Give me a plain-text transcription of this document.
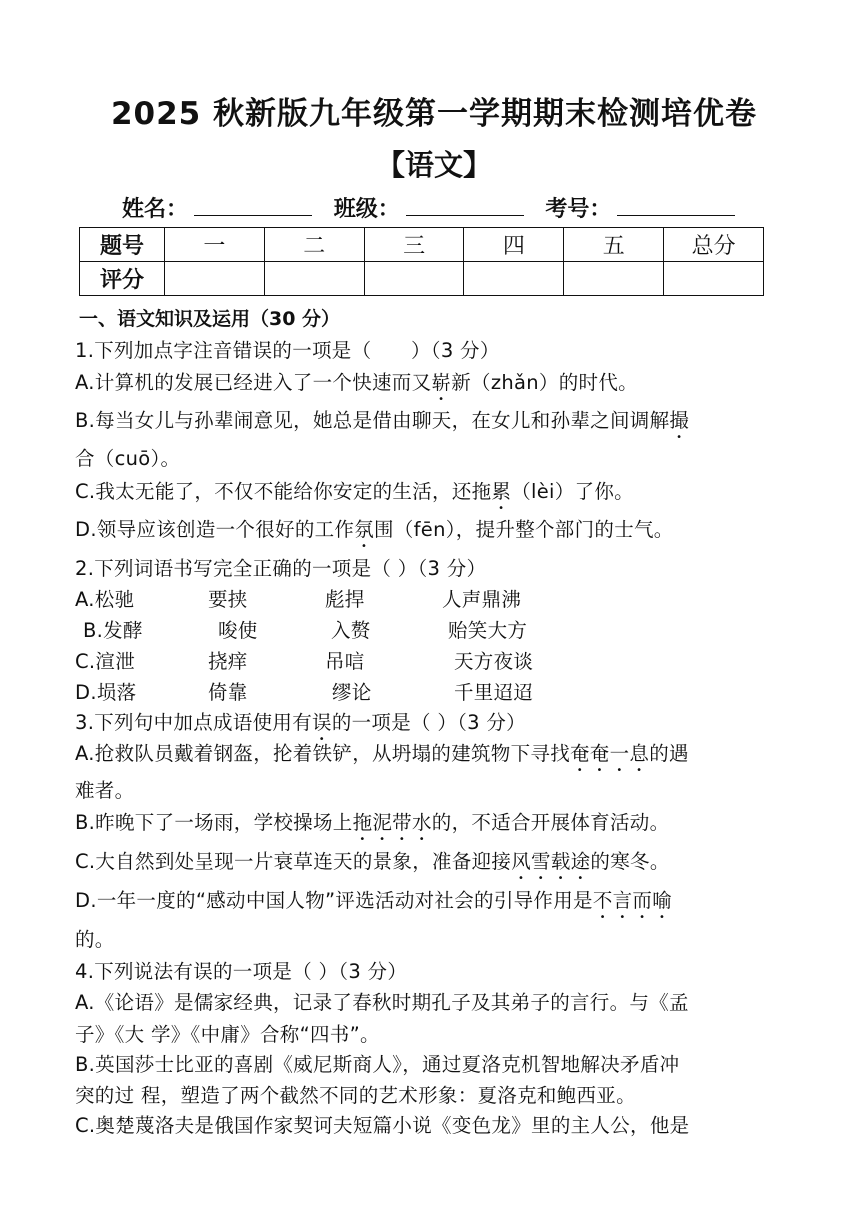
2025 秋新版九年级第一学期期末检测培优卷
【语文】
姓名：	班级：	考号：
题号	一	二	三	四	五	总分
评分						
一、语文知识及运用（30 分）
1.下列加点字注音错误的一项是（　　）（3 分）
A.计算机的发展已经进入了一个快速而又崭新（zhǎn）的时代。
B.每当女儿与孙辈闹意见，她总是借由聊天，在女儿和孙辈之间调解撮
合（cuō）。
C.我太无能了，不仅不能给你安定的生活，还拖累（lèi）了你。
D.领导应该创造一个很好的工作氛围（fēn），提升整个部门的士气。
2.下列词语书写完全正确的一项是（ ）（3 分）
A.松驰	要挟	彪捍	人声鼎沸
B.发酵	唆使	入赘	贻笑大方
C.渲泄	挠痒	吊唁	天方夜谈
D.埙落	倚靠	缪论	千里迢迢
3.下列句中加点成语使用有误的一项是（ ）（3 分）
A.抢救队员戴着钢盔，抡着铁铲，从坍塌的建筑物下寻找奄奄一息的遇
难者。
B.昨晚下了一场雨，学校操场上拖泥带水的，不适合开展体育活动。
C.大自然到处呈现一片衰草连天的景象，准备迎接风雪载途的寒冬。
D.一年一度的“感动中国人物”评选活动对社会的引导作用是不言而喻
的。
4.下列说法有误的一项是（ ）（3 分）
A.《论语》是儒家经典，记录了春秋时期孔子及其弟子的言行。与《孟
子》《大 学》《中庸》合称“四书”。
B.英国莎士比亚的喜剧《威尼斯商人》，通过夏洛克机智地解决矛盾冲
突的过 程，塑造了两个截然不同的艺术形象：夏洛克和鲍西亚。
C.奥楚蔑洛夫是俄国作家契诃夫短篇小说《变色龙》里的主人公，他是
